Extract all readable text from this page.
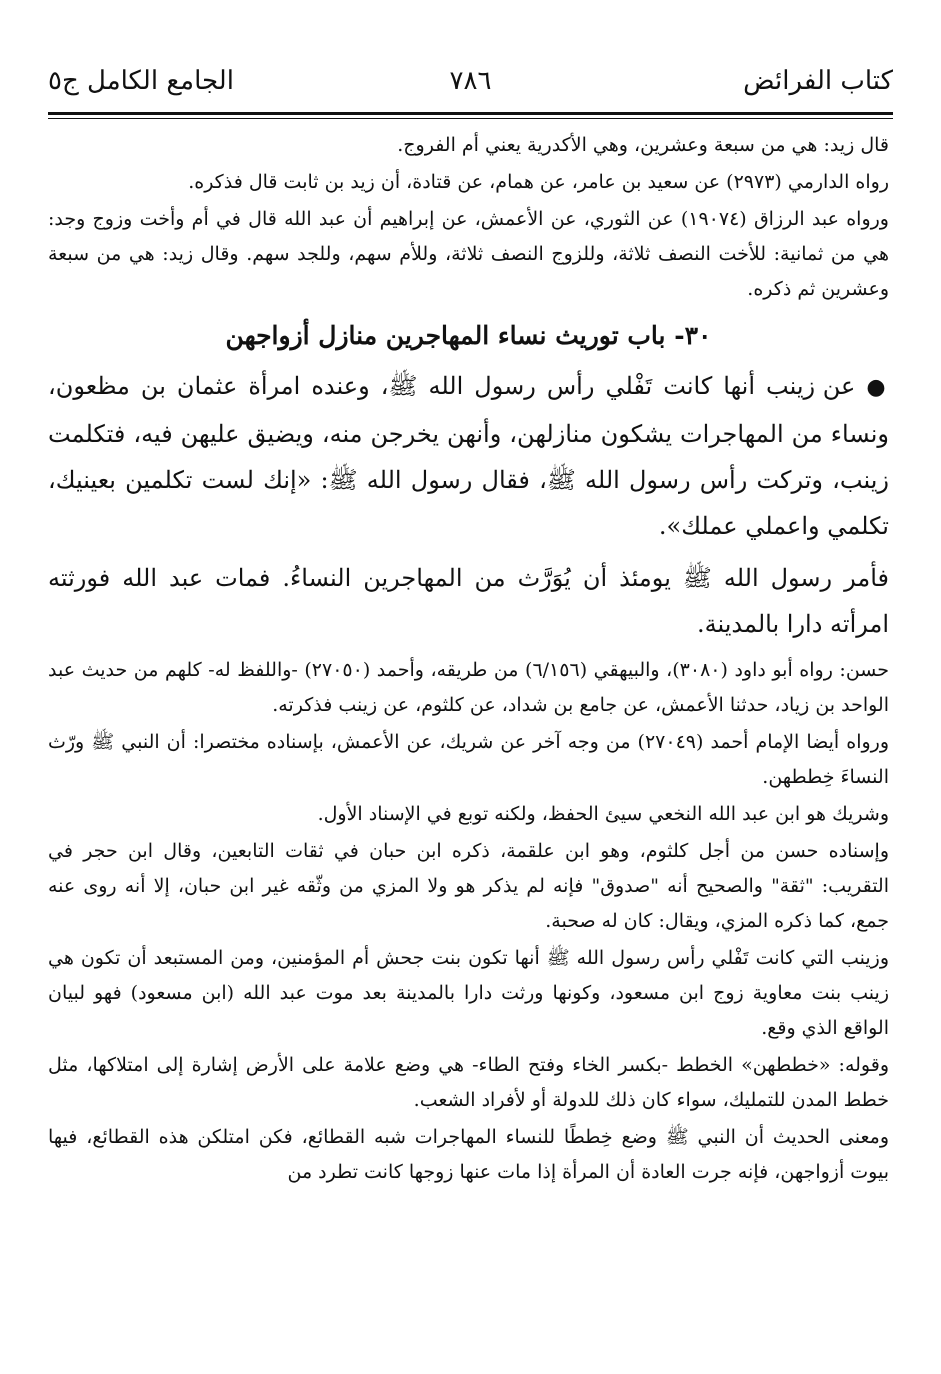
كتاب الفرائض
٧٨٦
الجامع الكامل ج٥

قال زيد: هي من سبعة وعشرين، وهي الأكدرية يعني أم الفروج.

رواه الدارمي (٢٩٧٣) عن سعيد بن عامر، عن همام، عن قتادة، أن زيد بن ثابت قال فذكره.

ورواه عبد الرزاق (١٩٠٧٤) عن الثوري، عن الأعمش، عن إبراهيم أن عبد الله قال في أم وأخت وزوج وجد: هي من ثمانية: للأخت النصف ثلاثة، وللزوج النصف ثلاثة، وللأم سهم، وللجد سهم. وقال زيد: هي من سبعة وعشرين ثم ذكره.

٣٠- باب توريث نساء المهاجرين منازل أزواجهن

● عن زينب أنها كانت تَفْلي رأس رسول الله ﷺ، وعنده امرأة عثمان بن مظعون، ونساء من المهاجرات يشكون منازلهن، وأنهن يخرجن منه، ويضيق عليهن فيه، فتكلمت زينب، وتركت رأس رسول الله ﷺ، فقال رسول الله ﷺ: «إنك لست تكلمين بعينيك، تكلمي واعملي عملك».

فأمر رسول الله ﷺ يومئذ أن يُوَرَّث من المهاجرين النساءُ. فمات عبد الله فورثته امرأته دارا بالمدينة.

حسن: رواه أبو داود (٣٠٨٠)، والبيهقي (٦/١٥٦) من طريقه، وأحمد (٢٧٠٥٠) -واللفظ له- كلهم من حديث عبد الواحد بن زياد، حدثنا الأعمش، عن جامع بن شداد، عن كلثوم، عن زينب فذكرته.

ورواه أيضا الإمام أحمد (٢٧٠٤٩) من وجه آخر عن شريك، عن الأعمش، بإسناده مختصرا: أن النبي ﷺ ورّث النساءَ خِططهن.

وشريك هو ابن عبد الله النخعي سيئ الحفظ، ولكنه توبع في الإسناد الأول.

وإسناده حسن من أجل كلثوم، وهو ابن علقمة، ذكره ابن حبان في ثقات التابعين، وقال ابن حجر في التقريب: "ثقة" والصحيح أنه "صدوق" فإنه لم يذكر هو ولا المزي من وثّقه غير ابن حبان، إلا أنه روى عنه جمع، كما ذكره المزي، ويقال: كان له صحبة.

وزينب التي كانت تَفْلي رأس رسول الله ﷺ أنها تكون بنت جحش أم المؤمنين، ومن المستبعد أن تكون هي زينب بنت معاوية زوج ابن مسعود، وكونها ورثت دارا بالمدينة بعد موت عبد الله (ابن مسعود) فهو لبيان الواقع الذي وقع.

وقوله: «خططهن» الخطط -بكسر الخاء وفتح الطاء- هي وضع علامة على الأرض إشارة إلى امتلاكها، مثل خطط المدن للتمليك، سواء كان ذلك للدولة أو لأفراد الشعب.

ومعنى الحديث أن النبي ﷺ وضع خِططًا للنساء المهاجرات شبه القطائع، فكن امتلكن هذه القطائع، فيها بيوت أزواجهن، فإنه جرت العادة أن المرأة إذا مات عنها زوجها كانت تطرد من
